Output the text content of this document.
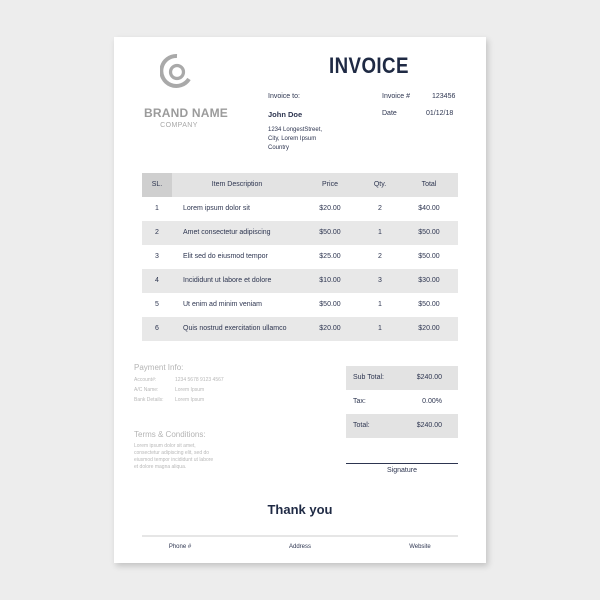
BRAND NAME
COMPANY
INVOICE
Invoice to:
John Doe
1234 LongestStreet,
City, Lorem Ipsum
Country
Invoice #	123456
Date	01/12/18
SL.	Item Description	Price	Qty.	Total
1	Lorem ipsum dolor sit	$20.00	2	$40.00
2	Amet consectetur adipiscing	$50.00	1	$50.00
3	Elit sed do eiusmod tempor	$25.00	2	$50.00
4	Incididunt ut labore et dolore	$10.00	3	$30.00
5	Ut enim ad minim veniam	$50.00	1	$50.00
6	Quis nostrud exercitation ullamco	$20.00	1	$20.00
Payment Info:
Account#:	1234 5678 9123 4567
A/C Name:	Lorem Ipsum
Bank Details: Lorem Ipsum
Terms & Conditions:
Lorem ipsum dolor sit amet,
consectetur adipiscing elit, sed do
eiusmod tempor incididunt ut labore
et dolore magna aliqua.
Sub Total:	$240.00
Tax:	0.00%
Total:	$240.00
Signature
Thank you
Phone #	Address	Website
